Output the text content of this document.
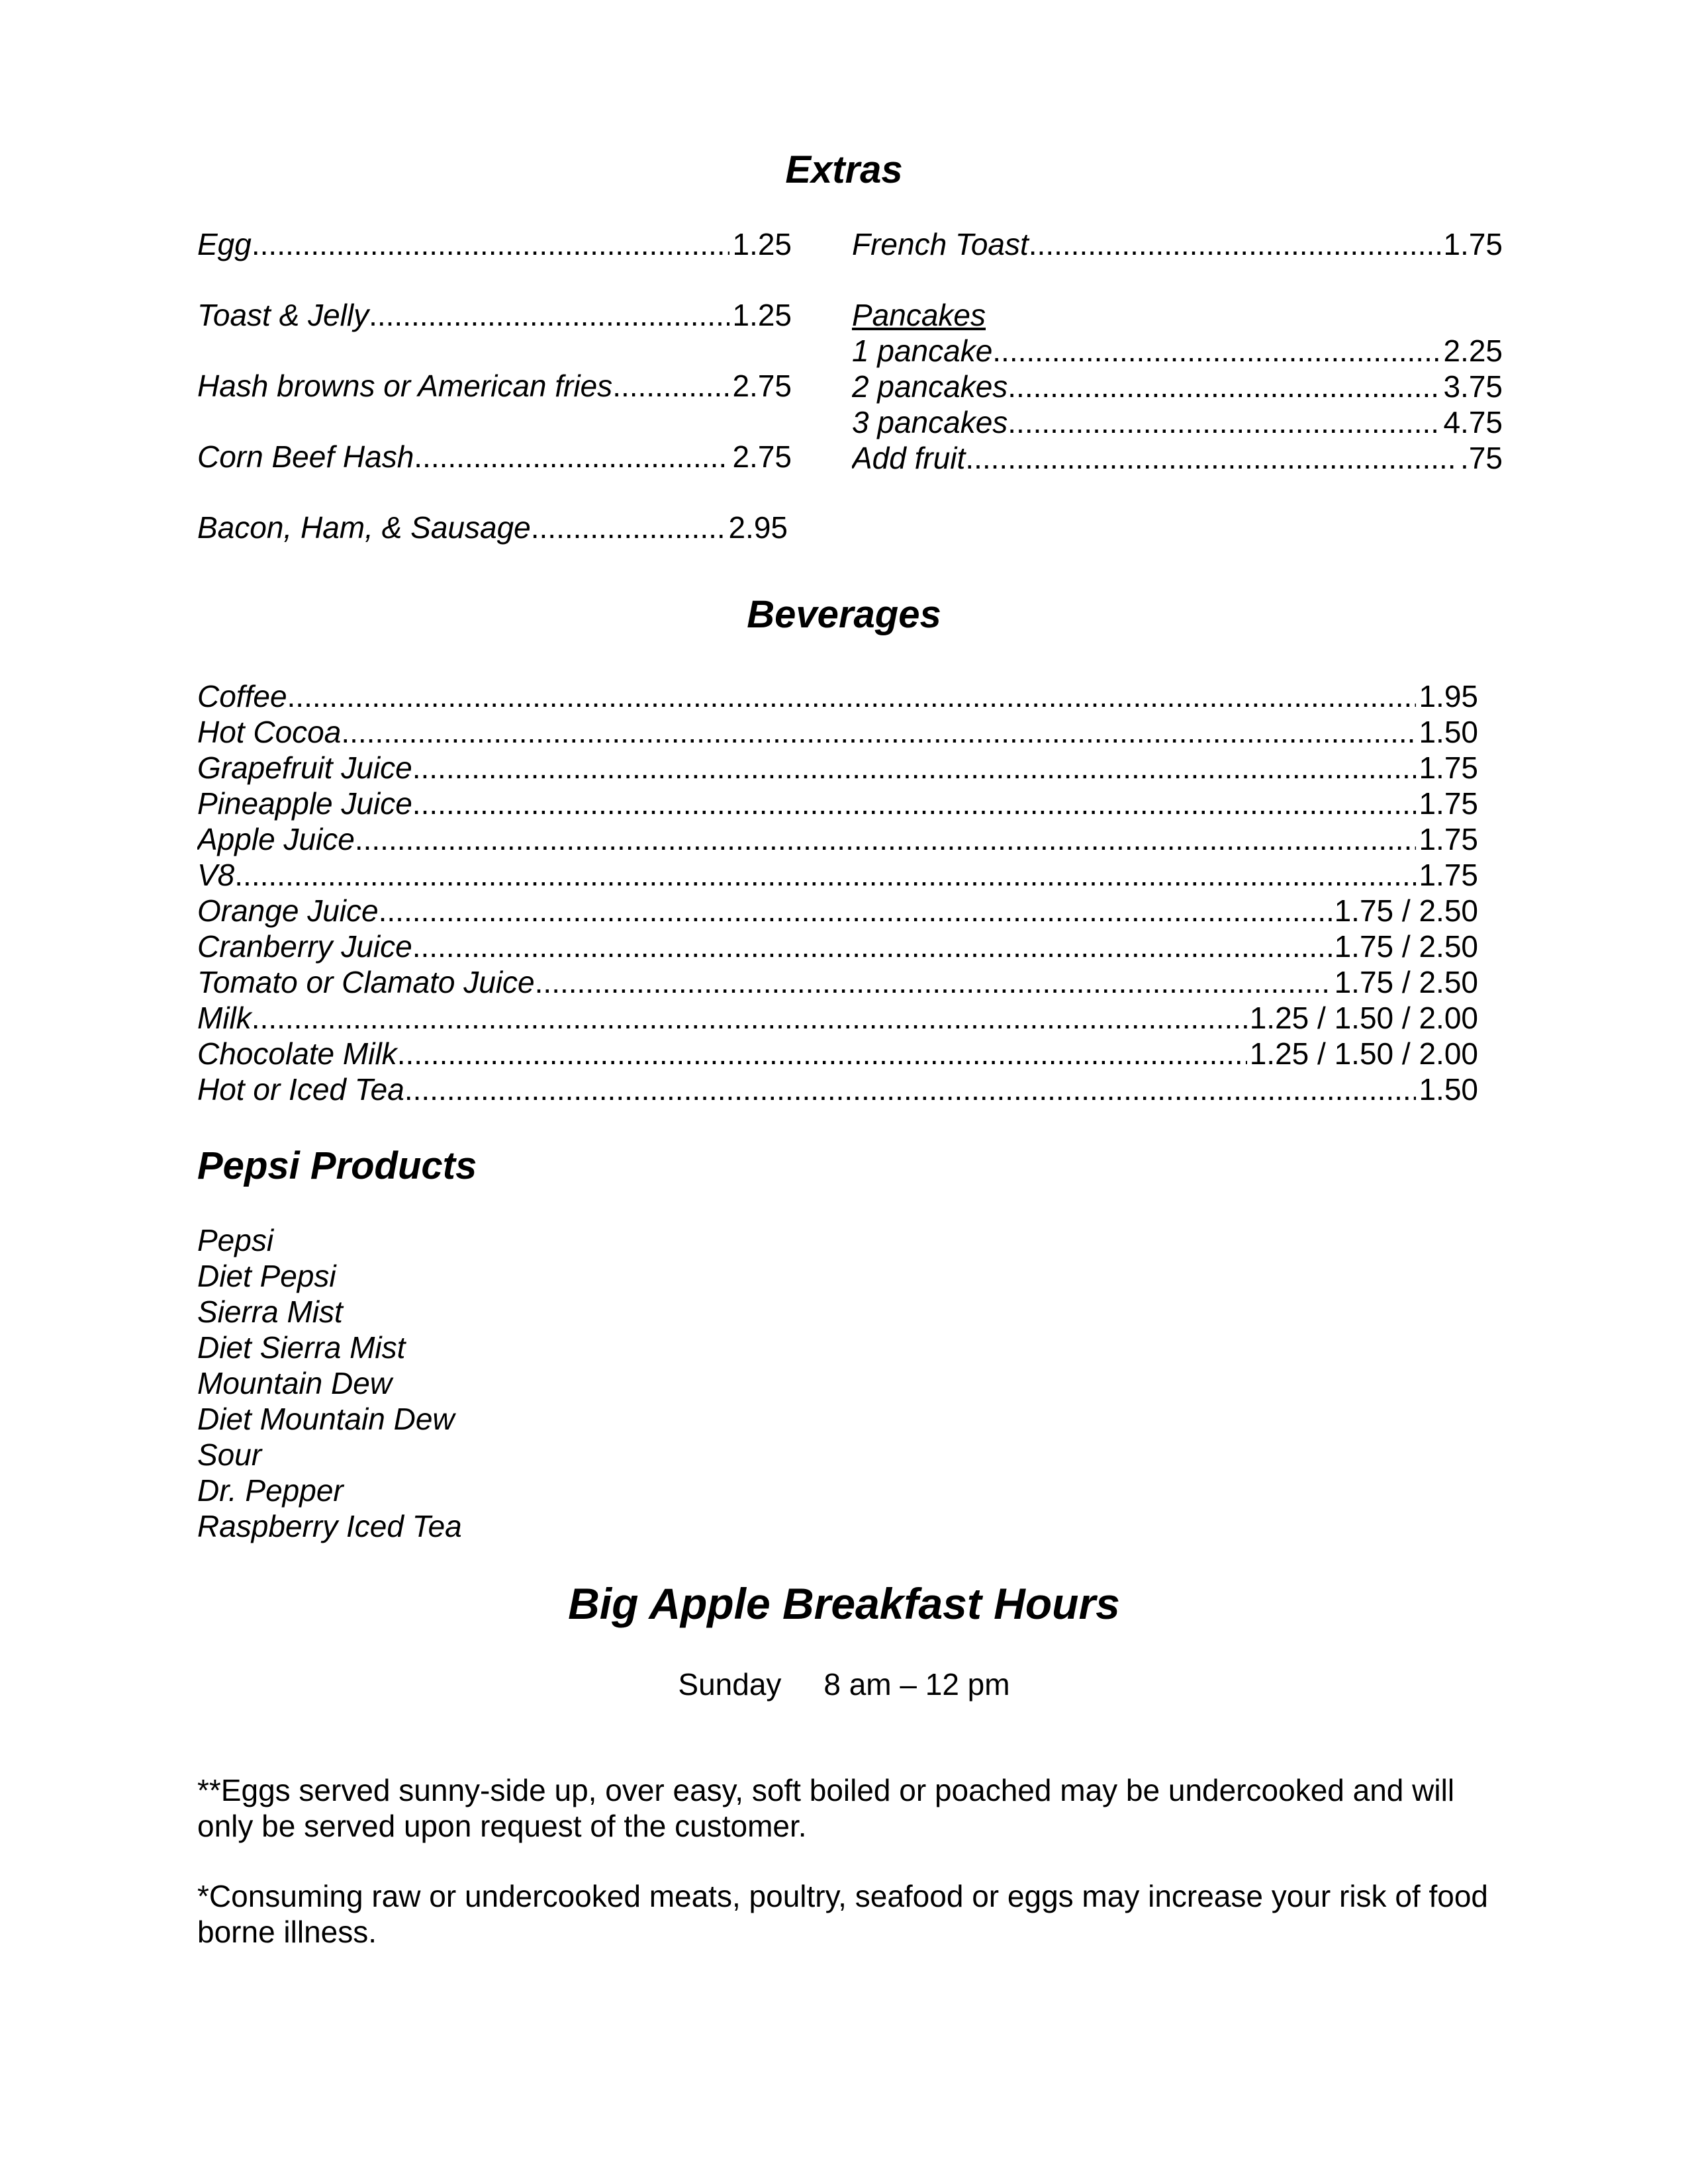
Extras
Egg .....	1.25
Toast & Jelly .....	1.25
Hash browns or American fries .....	2.75
Corn Beef Hash .....	2.75
Bacon, Ham, & Sausage .....	2.95
French Toast .....	1.75
Pancakes
1 pancake .....	2.25
2 pancakes .....	3.75
3 pancakes .....	4.75
Add fruit .....	.75
Beverages
Coffee .....	1.95
Hot Cocoa .....	1.50
Grapefruit Juice .....	1.75
Pineapple Juice .....	1.75
Apple Juice .....	1.75
V8 .....	1.75
Orange Juice .....	1.75 / 2.50
Cranberry Juice .....	1.75 / 2.50
Tomato or Clamato Juice .....	1.75 / 2.50
Milk .....	1.25 / 1.50 / 2.00
Chocolate Milk .....	1.25 / 1.50 / 2.00
Hot or Iced Tea .....	1.50
Pepsi Products
Pepsi
Diet Pepsi
Sierra Mist
Diet Sierra Mist
Mountain Dew
Diet Mountain Dew
Sour
Dr. Pepper
Raspberry Iced Tea
Big Apple Breakfast Hours
Sunday 8 am – 12 pm
**Eggs served sunny-side up, over easy, soft boiled or poached may be undercooked and will only be served upon request of the customer.
*Consuming raw or undercooked meats, poultry, seafood or eggs may increase your risk of food borne illness.
